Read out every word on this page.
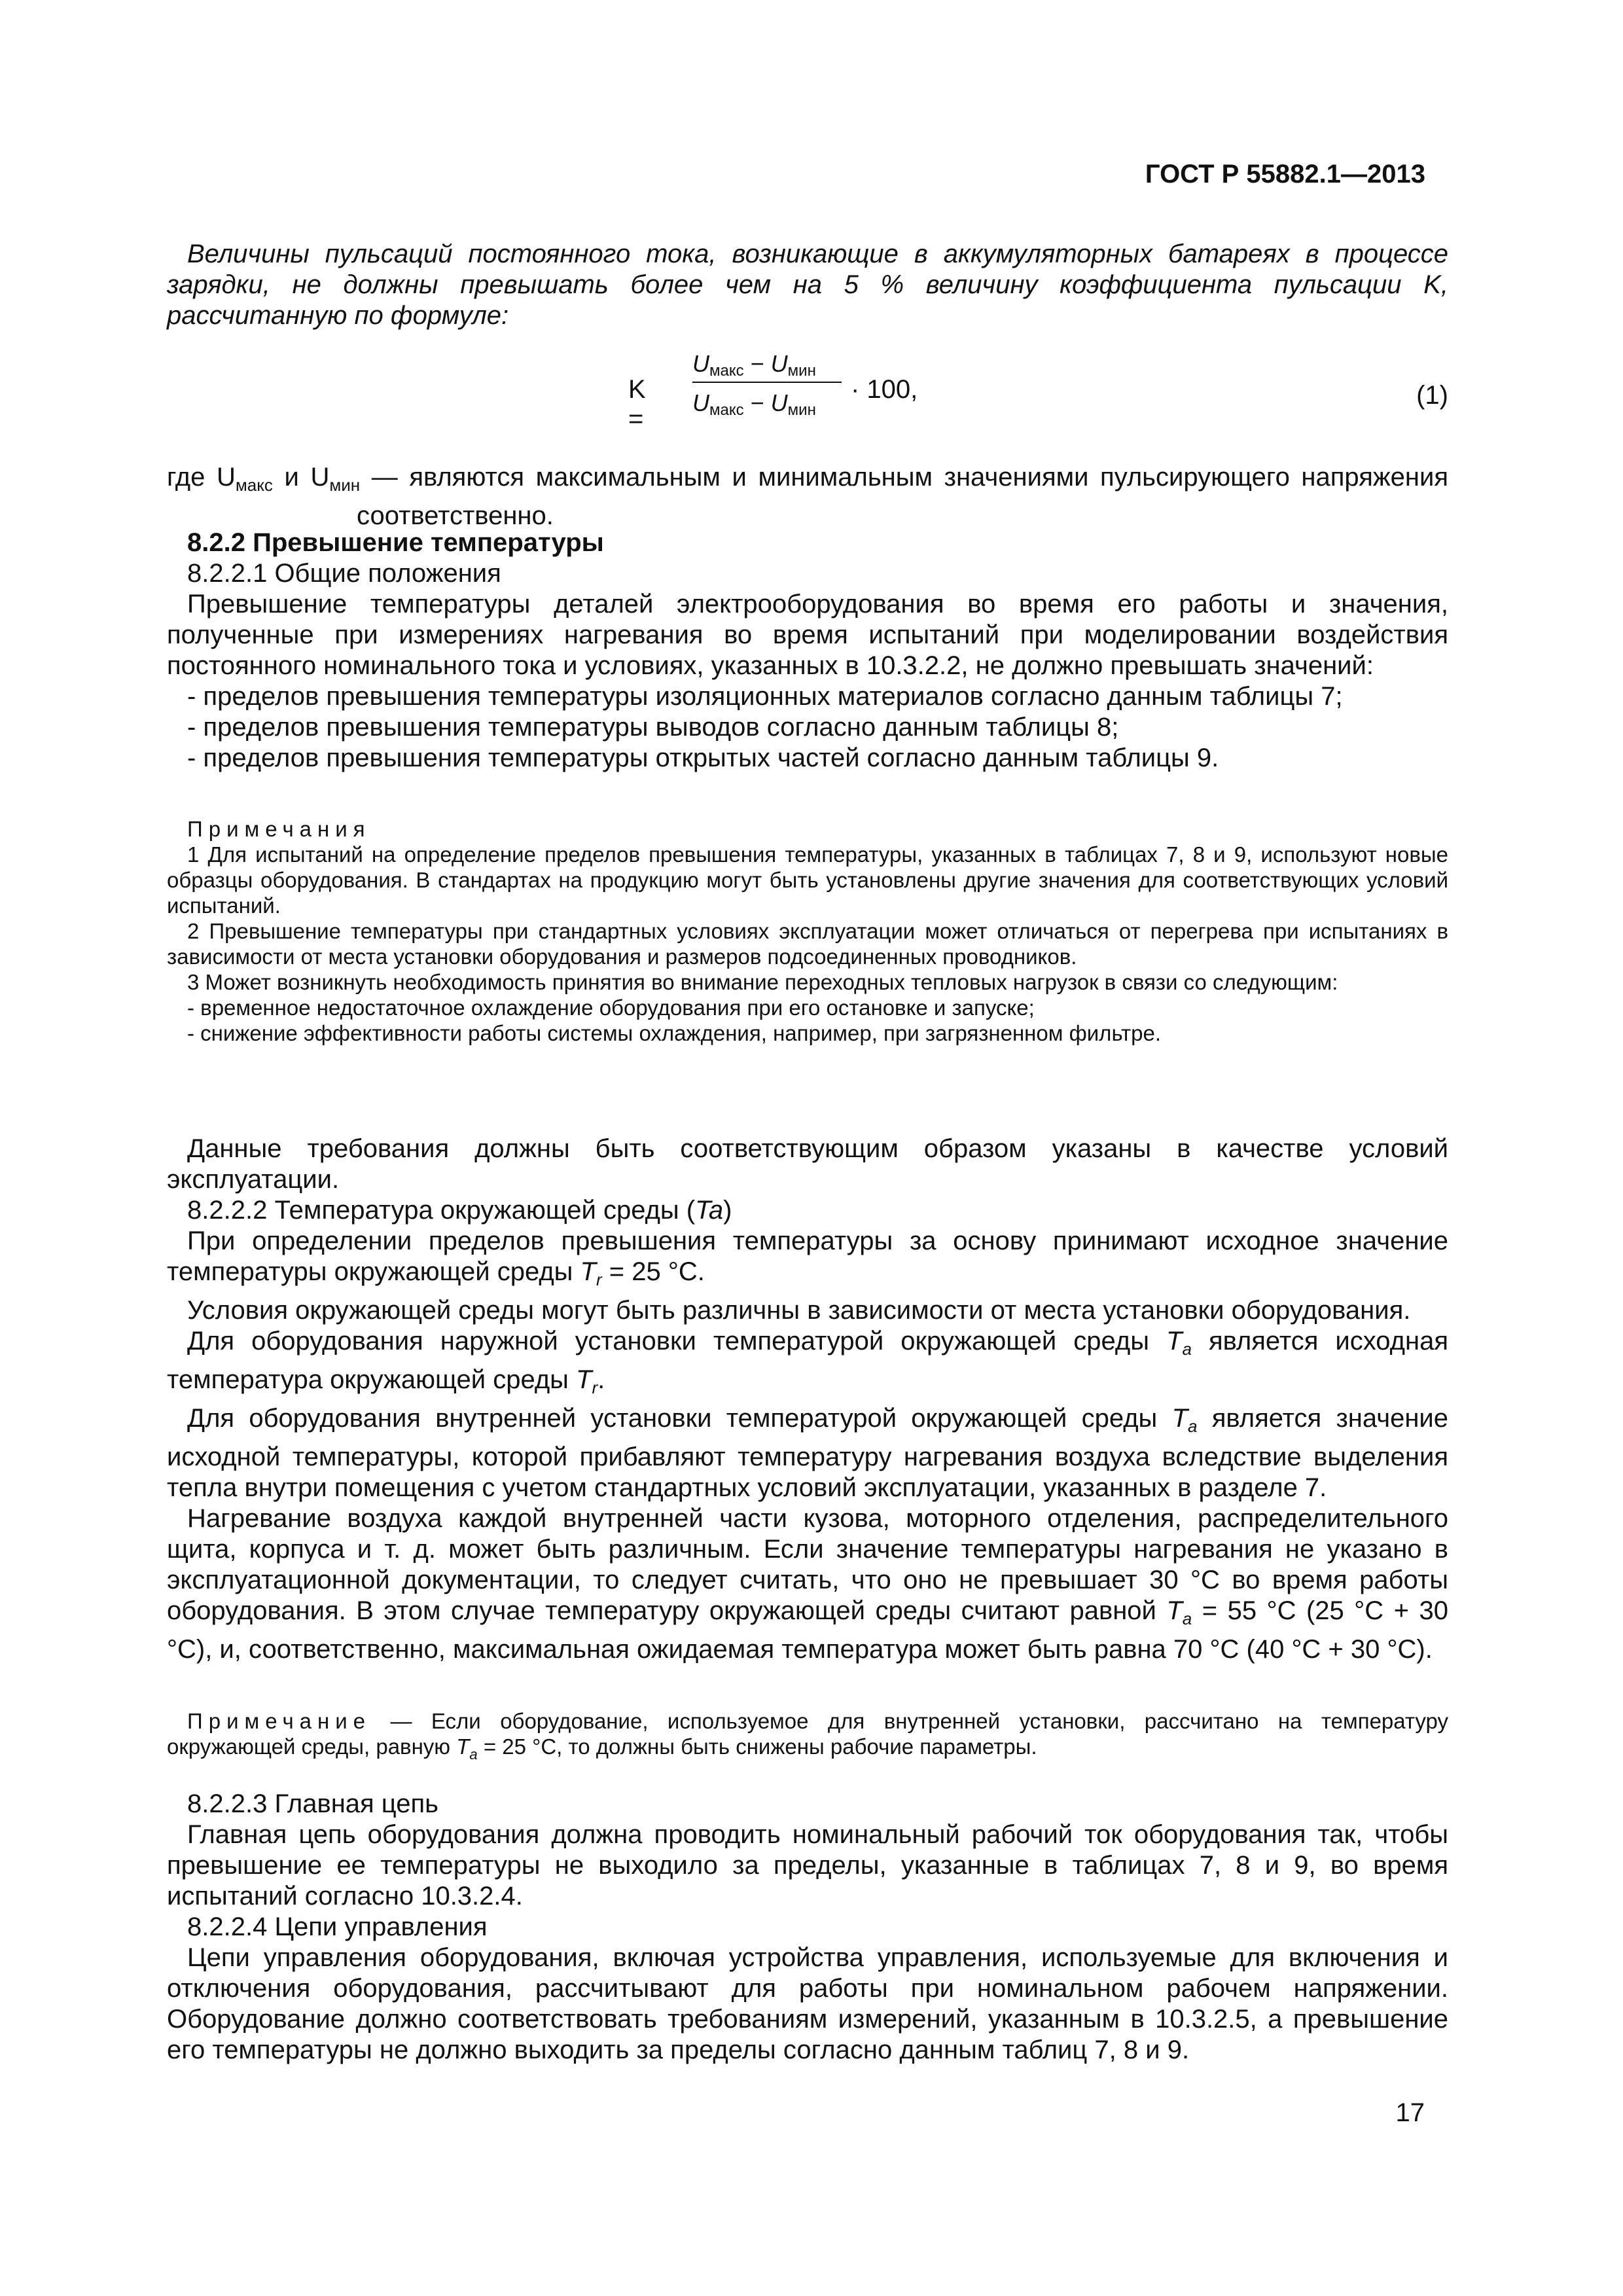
ГОСТ Р 55882.1—2013

Величины пульсаций постоянного тока, возникающие в аккумуляторных батареях в процессе зарядки, не должны превышать более чем на 5 % величину коэффициента пульсации K, рассчитанную по формуле:

K =
Uмакс − Uмин
Uмакс − Uмин
· 100,	(1)

где $U_{макс}$ и $U_{мин}$ — являются максимальным и минимальным значениями пульсирующего напряжения соответственно.

8.2.2 Превышение температуры

8.2.2.1 Общие положения

Превышение температуры деталей электрооборудования во время его работы и значения, полученные при измерениях нагревания во время испытаний при моделировании воздействия постоянного номинального тока и условиях, указанных в 10.3.2.2, не должно превышать значений:

- пределов превышения температуры изоляционных материалов согласно данным таблицы 7;

- пределов превышения температуры выводов согласно данным таблицы 8;

- пределов превышения температуры открытых частей согласно данным таблицы 9.

Примечания

1 Для испытаний на определение пределов превышения температуры, указанных в таблицах 7, 8 и 9, используют новые образцы оборудования. В стандартах на продукцию могут быть установлены другие значения для соответствующих условий испытаний.

2 Превышение температуры при стандартных условиях эксплуатации может отличаться от перегрева при испытаниях в зависимости от места установки оборудования и размеров подсоединенных проводников.

3 Может возникнуть необходимость принятия во внимание переходных тепловых нагрузок в связи со следующим:

- временное недостаточное охлаждение оборудования при его остановке и запуске;

- снижение эффективности работы системы охлаждения, например, при загрязненном фильтре.

Данные требования должны быть соответствующим образом указаны в качестве условий эксплуатации.

8.2.2.2 Температура окружающей среды (Ta)

При определении пределов превышения температуры за основу принимают исходное значение температуры окружающей среды $T_r = 25$ °С.

Условия окружающей среды могут быть различны в зависимости от места установки оборудования.

Для оборудования наружной установки температурой окружающей среды $T_a$ является исходная температура окружающей среды $T_r$.

Для оборудования внутренней установки температурой окружающей среды $T_a$ является значение исходной температуры, которой прибавляют температуру нагревания воздуха вследствие выделения тепла внутри помещения с учетом стандартных условий эксплуатации, указанных в разделе 7.

Нагревание воздуха каждой внутренней части кузова, моторного отделения, распределительного щита, корпуса и т. д. может быть различным. Если значение температуры нагревания не указано в эксплуатационной документации, то следует считать, что оно не превышает 30 °С во время работы оборудования. В этом случае температуру окружающей среды считают равной $T_a = 55$ °С (25 °С + 30 °С), и, соответственно, максимальная ожидаемая температура может быть равна 70 °С (40 °С + 30 °С).

Примечание — Если оборудование, используемое для внутренней установки, рассчитано на температуру окружающей среды, равную $T_a = 25$ °С, то должны быть снижены рабочие параметры.

8.2.2.3 Главная цепь

Главная цепь оборудования должна проводить номинальный рабочий ток оборудования так, чтобы превышение ее температуры не выходило за пределы, указанные в таблицах 7, 8 и 9, во время испытаний согласно 10.3.2.4.

8.2.2.4 Цепи управления

Цепи управления оборудования, включая устройства управления, используемые для включения и отключения оборудования, рассчитывают для работы при номинальном рабочем напряжении. Оборудование должно соответствовать требованиям измерений, указанным в 10.3.2.5, а превышение его температуры не должно выходить за пределы согласно данным таблиц 7, 8 и 9.

17
